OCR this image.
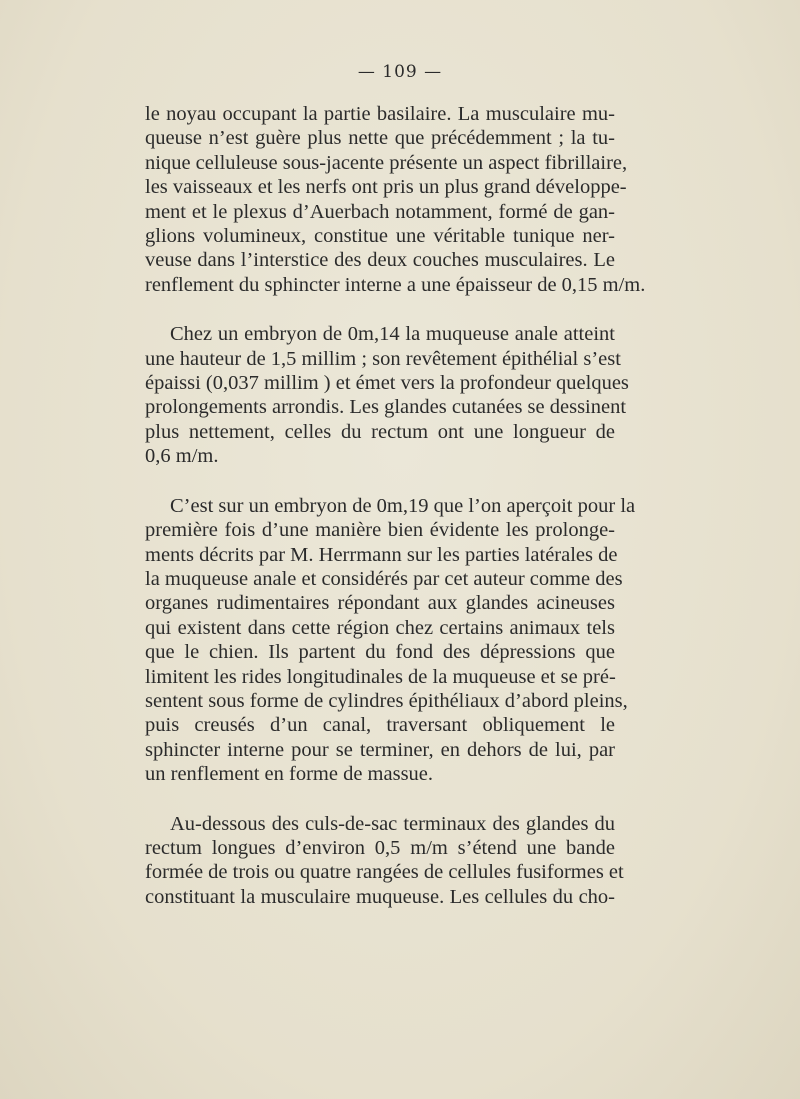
— 109 —
le noyau occupant la partie basilaire. La musculaire mu-
queuse n’est guère plus nette que précédemment ; la tu-
nique celluleuse sous-jacente présente un aspect fibrillaire,
les vaisseaux et les nerfs ont pris un plus grand développe-
ment et le plexus d’Auerbach notamment, formé de gan-
glions volumineux, constitue une véritable tunique ner-
veuse dans l’interstice des deux couches musculaires. Le
renflement du sphincter interne a une épaisseur de 0,15 m/m.
Chez un embryon de 0m,14 la muqueuse anale atteint
une hauteur de 1,5 millim ; son revêtement épithélial s’est
épaissi (0,037 millim ) et émet vers la profondeur quelques
prolongements arrondis. Les glandes cutanées se dessinent
plus nettement, celles du rectum ont une longueur de
0,6 m/m.
C’est sur un embryon de 0m,19 que l’on aperçoit pour la
première fois d’une manière bien évidente les prolonge-
ments décrits par M. Herrmann sur les parties latérales de
la muqueuse anale et considérés par cet auteur comme des
organes rudimentaires répondant aux glandes acineuses
qui existent dans cette région chez certains animaux tels
que le chien. Ils partent du fond des dépressions que
limitent les rides longitudinales de la muqueuse et se pré-
sentent sous forme de cylindres épithéliaux d’abord pleins,
puis creusés d’un canal, traversant obliquement le
sphincter interne pour se terminer, en dehors de lui, par
un renflement en forme de massue.
Au-dessous des culs-de-sac terminaux des glandes du
rectum longues d’environ 0,5 m/m s’étend une bande
formée de trois ou quatre rangées de cellules fusiformes et
constituant la musculaire muqueuse. Les cellules du cho-
